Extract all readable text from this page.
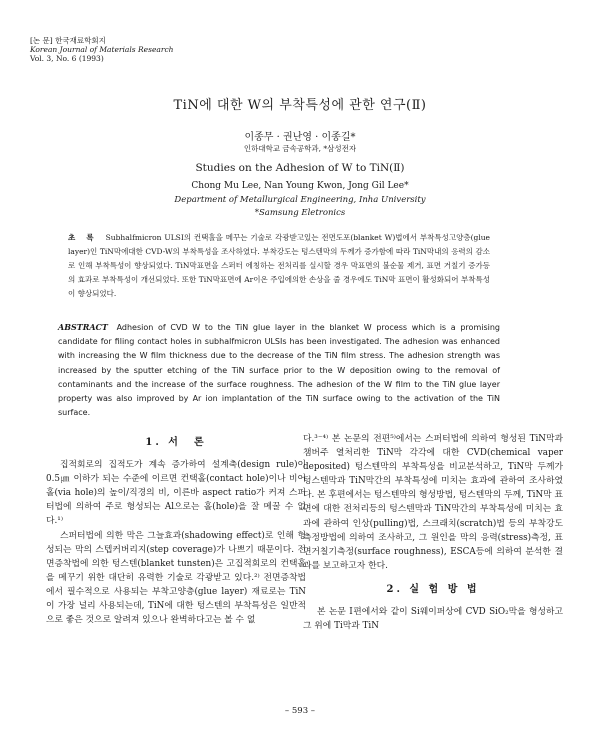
[논 문] 한국재료학회지
Korean Journal of Materials Research
Vol. 3, No. 6 (1993)
TiN에 대한 W의 부착특성에 관한 연구(Ⅱ)
이종무 · 권난영 · 이종길*
인하대학교 금속공학과, *삼성전자
Studies on the Adhesion of W to TiN(Ⅱ)
Chong Mu Lee, Nan Young Kwon, Jong Gil Lee*
Department of Metallurgical Engineering, Inha University
*Samsung Eletronics
초 록 Subhalfmicron ULSI의 컨택홀을 메꾸는 기술로 각광받고있는 전면도포(blanket W)법에서 부착특성고양층(glue layer)인 TiN막에대한 CVD-W의 부착특성을 조사하였다. 부착강도는 텅스텐막의 두께가 증가함에 따라 TiN막내의 응력의 감소로 인해 부착특성이 향상되었다. TiN막표면을 스퍼터 에칭하는 전처리를 실시할 경우 막표면의 불순물 제거, 표면 거칠기 증가등의 효과로 부착특성이 개선되었다. 또한 TiN막표면에 Ar이온 주입에의한 손상을 줄 경우에도 TiN막 표면이 활성화되어 부착특성이 향상되었다.
ABSTRACT Adhesion of CVD W to the TiN glue layer in the blanket W process which is a promising candidate for filing contact holes in subhalfmicron ULSIs has been investigated. The adhesion was enhanced with increasing the W film thickness due to the decrease of the TiN film stress. The adhesion strength was increased by the sputter etching of the TiN surface prior to the W deposition owing to the removal of contaminants and the increase of the surface roughness. The adhesion of the W film to the TiN glue layer property was also improved by Ar ion implantation of the TiN surface owing to the activation of the TiN surface.
1. 서　론

집적회로의 집적도가 계속 증가하여 설계축(design rule)이 0.5㎛ 이하가 되는 수준에 이르면 컨택홀(contact hole)이나 비어홀(via hole)의 높이/직경의 비, 이른바 aspect ratio가 커져 스퍼터법에 의하여 주로 형성되는 Al으로는 홀(hole)을 잘 메꿀 수 없다.¹⁾

스퍼터법에 의한 막은 그늘효과(shadowing effect)로 인해 형성되는 막의 스텝커버리지(step coverage)가 나쁘기 때문이다. 전면증착법에 의한 텅스텐(blanket tunsten)은 고집적회로의 컨택홀을 메꾸기 위한 대단히 유력한 기술로 각광받고 있다.²⁾ 전면증착법에서 필수적으로 사용되는 부착고양층(glue layer) 재료로는 TiN이 가장 널리 사용되는데, TiN에 대한 텅스텐의 부착특성은 일반적으로 좋은 것으로 알려져 있으나 완벽하다고는 볼 수 없

다.³⁻⁴⁾ 본 논문의 전편⁵⁾에서는 스퍼터법에 의하여 형성된 TiN막과 챔버주 열처리한 TiN막 각각에 대한 CVD(chemical vaper deposited) 텅스텐막의 부착특성을 비교분석하고, TiN막 두께가 텅스텐막과 TiN막간의 부착특성에 미치는 효과에 관하여 조사하였다. 본 후편에서는 텅스텐막의 형성방법, 텅스텐막의 두께, TiN막 표면에 대한 전처리등의 텅스텐막과 TiN막간의 부착특성에 미치는 효과에 관하여 인상(pulling)법, 스크래치(scratch)법 등의 부착강도 측정방법에 의하여 조사하고, 그 원인을 막의 응력(stress)측정, 표면거칠기측정(surface roughness), ESCA등에 의하여 분석한 결과를 보고하고자 한다.

2. 실 험 방 법

본 논문 Ⅰ편에서와 같이 Si웨이퍼상에 CVD SiO₂막을 형성하고 그 위에 Ti막과 TiN

– 593 –
